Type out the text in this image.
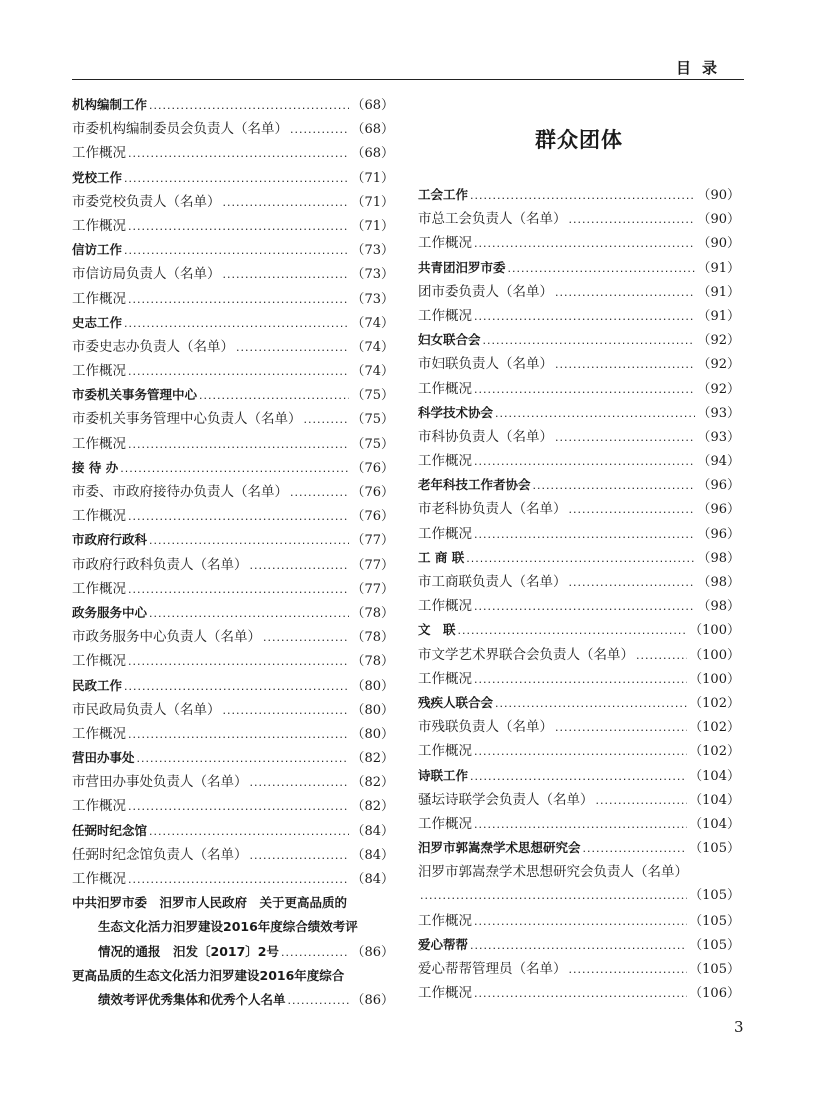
目录
机构编制工作 .....	（ 68 ）
市委机构编制委员会负责人（名单） .....	（ 68 ）
工作概况 .....	（ 68 ）
党校工作 .....	（ 71 ）
市委党校负责人（名单） .....	（ 71 ）
工作概况 .....	（ 71 ）
信访工作 .....	（ 73 ）
市信访局负责人（名单） .....	（ 73 ）
工作概况 .....	（ 73 ）
史志工作 .....	（ 74 ）
市委史志办负责人（名单） .....	（ 74 ）
工作概况 .....	（ 74 ）
市委机关事务管理中心 .....	（ 75 ）
市委机关事务管理中心负责人（名单） .....	（ 75 ）
工作概况 .....	（ 75 ）
接 待 办 .....	（ 76 ）
市委、市政府接待办负责人（名单） .....	（ 76 ）
工作概况 .....	（ 76 ）
市政府行政科 .....	（ 77 ）
市政府行政科负责人（名单） .....	（ 77 ）
工作概况 .....	（ 77 ）
政务服务中心 .....	（ 78 ）
市政务服务中心负责人（名单） .....	（ 78 ）
工作概况 .....	（ 78 ）
民政工作 .....	（ 80 ）
市民政局负责人（名单） .....	（ 80 ）
工作概况 .....	（ 80 ）
营田办事处 .....	（ 82 ）
市营田办事处负责人（名单） .....	（ 82 ）
工作概况 .....	（ 82 ）
任弼时纪念馆 .....	（ 84 ）
任弼时纪念馆负责人（名单） .....	（ 84 ）
工作概况 .....	（ 84 ）
中共汨罗市委　汨罗市人民政府　关于更高品质的
生态文化活力汨罗建设2016年度综合绩效考评
情况的通报　汨发〔2017〕2号 .....	（ 86 ）
更高品质的生态文化活力汨罗建设2016年度综合
绩效考评优秀集体和优秀个人名单 .....	（ 86 ）
群众团体
工会工作 .....	（ 90 ）
市总工会负责人（名单） .....	（ 90 ）
工作概况 .....	（ 90 ）
共青团汨罗市委 .....	（ 91 ）
团市委负责人（名单） .....	（ 91 ）
工作概况 .....	（ 91 ）
妇女联合会 .....	（ 92 ）
市妇联负责人（名单） .....	（ 92 ）
工作概况 .....	（ 92 ）
科学技术协会 .....	（ 93 ）
市科协负责人（名单） .....	（ 93 ）
工作概况 .....	（ 94 ）
老年科技工作者协会 .....	（ 96 ）
市老科协负责人（名单） .....	（ 96 ）
工作概况 .....	（ 96 ）
工 商 联 .....	（ 98 ）
市工商联负责人（名单） .....	（ 98 ）
工作概况 .....	（ 98 ）
文　联 .....	（ 100 ）
市文学艺术界联合会负责人（名单） .....	（ 100 ）
工作概况 .....	（ 100 ）
残疾人联合会 .....	（ 102 ）
市残联负责人（名单） .....	（ 102 ）
工作概况 .....	（ 102 ）
诗联工作 .....	（ 104 ）
骚坛诗联学会负责人（名单） .....	（ 104 ）
工作概况 .....	（ 104 ）
汨罗市郭嵩焘学术思想研究会 .....	（ 105 ）
汨罗市郭嵩焘学术思想研究会负责人（名单）
.....
（ 105 ）
工作概况 .....	（ 105 ）
爱心帮帮 .....	（ 105 ）
爱心帮帮管理员（名单） .....	（ 105 ）
工作概况 .....	（ 106 ）
3
